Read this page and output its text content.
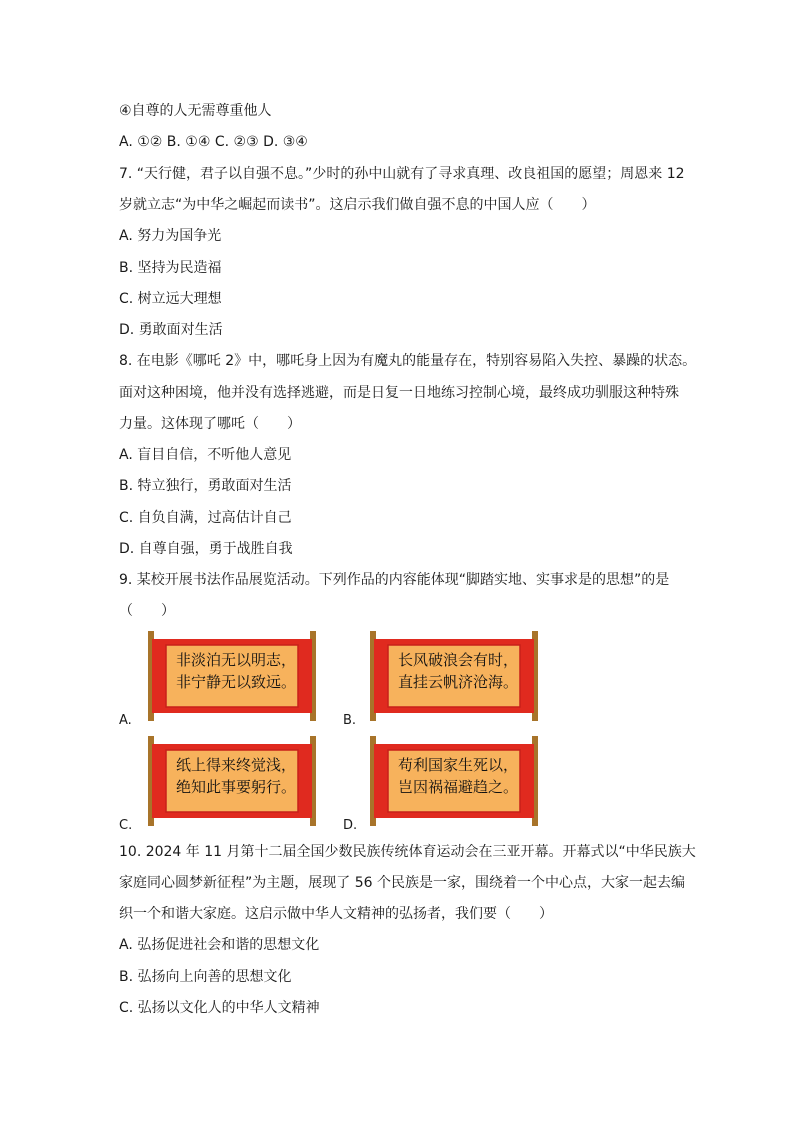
④自尊的人无需尊重他人
A. ①② B. ①④ C. ②③ D. ③④
7. “天行健，君子以自强不息。”少时的孙中山就有了寻求真理、改良祖国的愿望；周恩来 12
岁就立志“为中华之崛起而读书”。这启示我们做自强不息的中国人应（　　）
A. 努力为国争光
B. 坚持为民造福
C. 树立远大理想
D. 勇敢面对生活
8. 在电影《哪吒 2》中，哪吒身上因为有魔丸的能量存在，特别容易陷入失控、暴躁的状态。
面对这种困境，他并没有选择逃避，而是日复一日地练习控制心境，最终成功驯服这种特殊
力量。这体现了哪吒（　　）
A. 盲目自信，不听他人意见
B. 特立独行，勇敢面对生活
C. 自负自满，过高估计自己
D. 自尊自强，勇于战胜自我
9. 某校开展书法作品展览活动。下列作品的内容能体现“脚踏实地、实事求是的思想”的是
（　　）
A.
非淡泊无以明志，
非宁静无以致远。
B.
长风破浪会有时，
直挂云帆济沧海。
C.
纸上得来终觉浅，
绝知此事要躬行。
D.
苟利国家生死以，
岂因祸福避趋之。
10. 2024 年 11 月第十二届全国少数民族传统体育运动会在三亚开幕。开幕式以“中华民族大
家庭同心圆梦新征程”为主题，展现了 56 个民族是一家，围绕着一个中心点，大家一起去编
织一个和谐大家庭。这启示做中华人文精神的弘扬者，我们要（　　）
A. 弘扬促进社会和谐的思想文化
B. 弘扬向上向善的思想文化
C. 弘扬以文化人的中华人文精神
